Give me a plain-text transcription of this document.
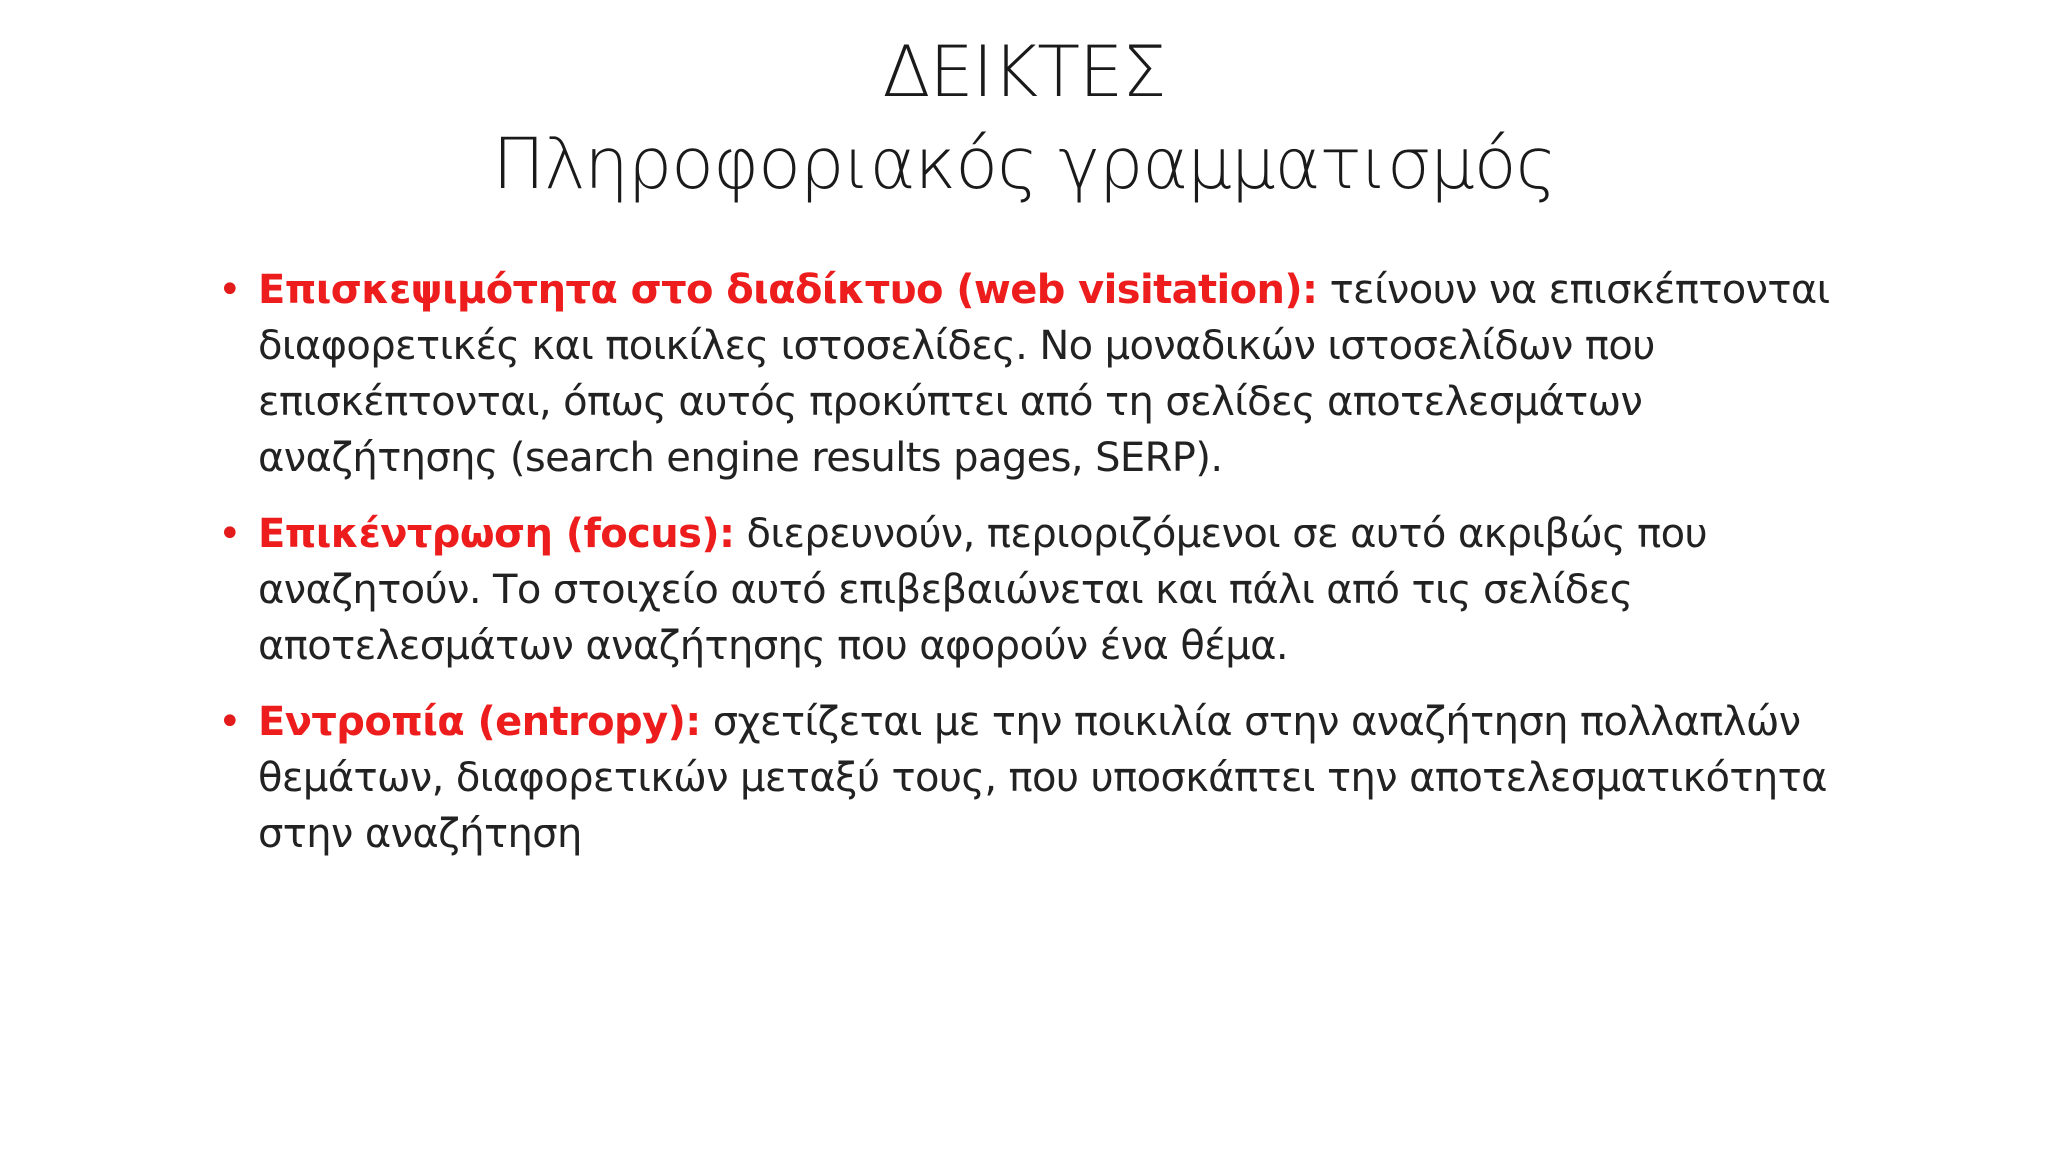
ΔΕΙΚΤΕΣ
Πληροφοριακός γραμματισμός
• Επισκεψιμότητα στο διαδίκτυο (web visitation): τείνουν να επισκέπτονται διαφορετικές και ποικίλες ιστοσελίδες. Νο μοναδικών ιστοσελίδων που επισκέπτονται, όπως αυτός προκύπτει από τη σελίδες αποτελεσμάτων αναζήτησης (search engine results pages, SERP).
• Επικέντρωση (focus): διερευνούν, περιοριζόμενοι σε αυτό ακριβώς που αναζητούν. Το στοιχείο αυτό επιβεβαιώνεται και πάλι από τις σελίδες αποτελεσμάτων αναζήτησης που αφορούν ένα θέμα.
• Εντροπία (entropy): σχετίζεται με την ποικιλία στην αναζήτηση πολλαπλών θεμάτων, διαφορετικών μεταξύ τους, που υποσκάπτει την αποτελεσματικότητα στην αναζήτηση
